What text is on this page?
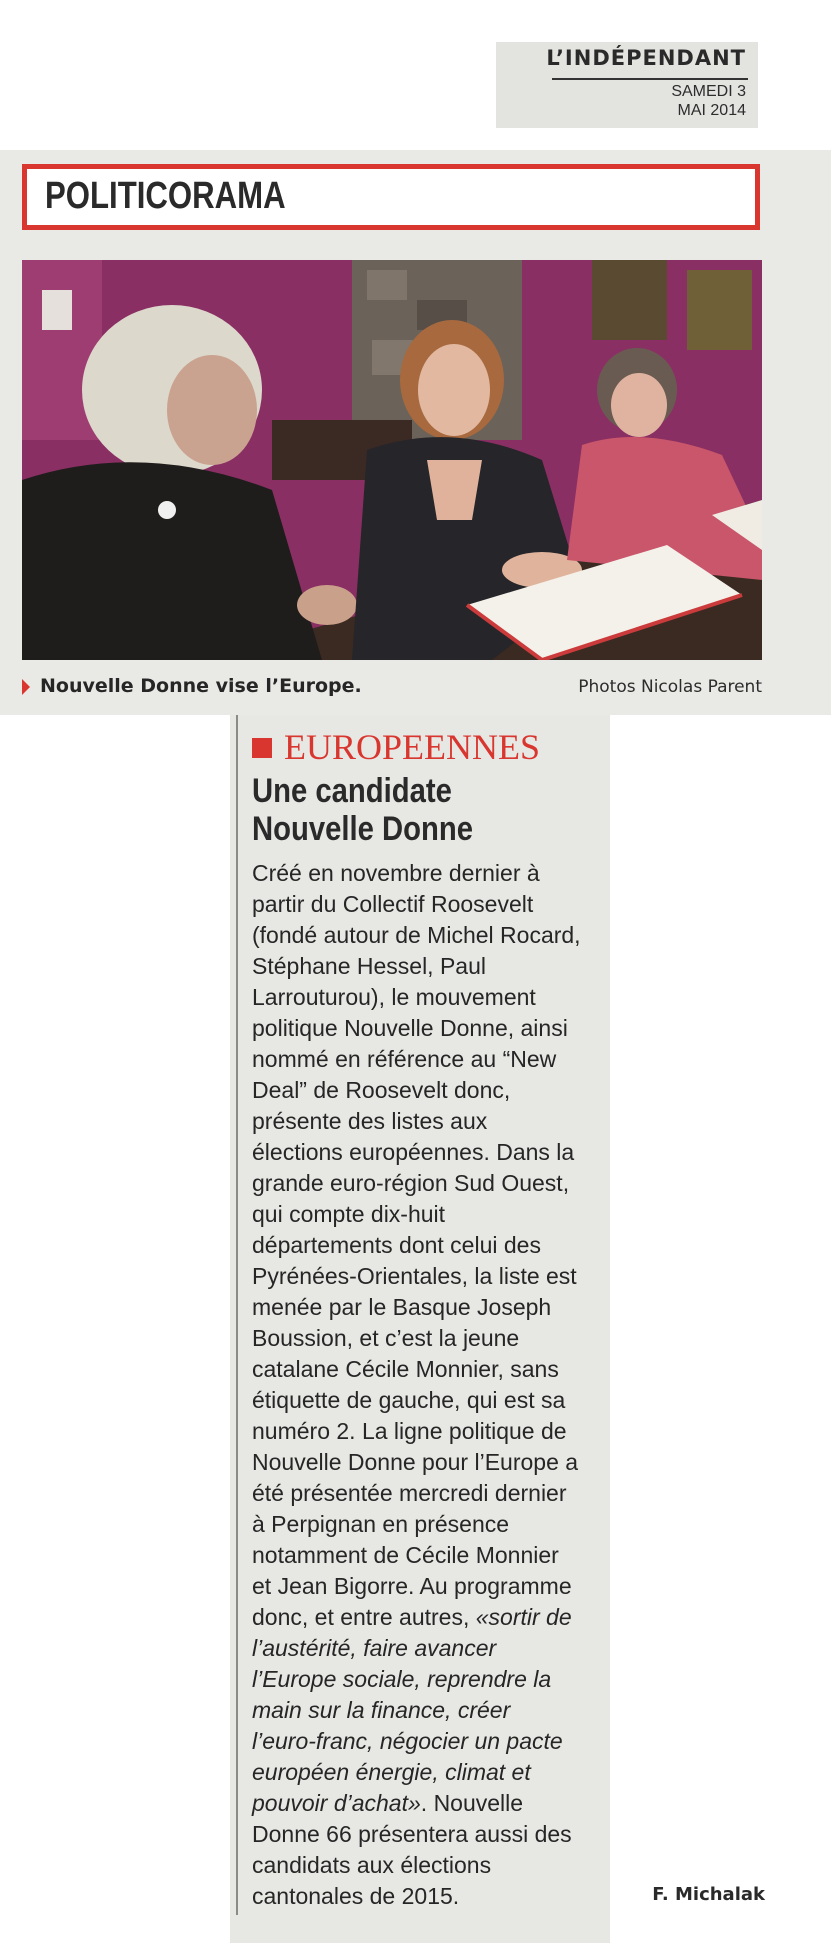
L’INDÉPENDANT
SAMEDI 3
MAI 2014
POLITICORAMA
Nouvelle Donne vise l’Europe.	Photos Nicolas Parent
EUROPEENNES
Une candidate
Nouvelle Donne
Créé en novembre dernier à
partir du Collectif Roosevelt
(fondé autour de Michel Rocard,
Stéphane Hessel, Paul
Larrouturou), le mouvement
politique Nouvelle Donne, ainsi
nommé en référence au “New
Deal” de Roosevelt donc,
présente des listes aux
élections européennes. Dans la
grande euro-région Sud Ouest,
qui compte dix-huit
départements dont celui des
Pyrénées-Orientales, la liste est
menée par le Basque Joseph
Boussion, et c’est la jeune
catalane Cécile Monnier, sans
étiquette de gauche, qui est sa
numéro 2. La ligne politique de
Nouvelle Donne pour l’Europe a
été présentée mercredi dernier
à Perpignan en présence
notamment de Cécile Monnier
et Jean Bigorre. Au programme
donc, et entre autres, «sortir de
l’austérité, faire avancer
l’Europe sociale, reprendre la
main sur la finance, créer
l’euro-franc, négocier un pacte
européen énergie, climat et
pouvoir d’achat». Nouvelle
Donne 66 présentera aussi des
candidats aux élections
cantonales de 2015.	F. Michalak
